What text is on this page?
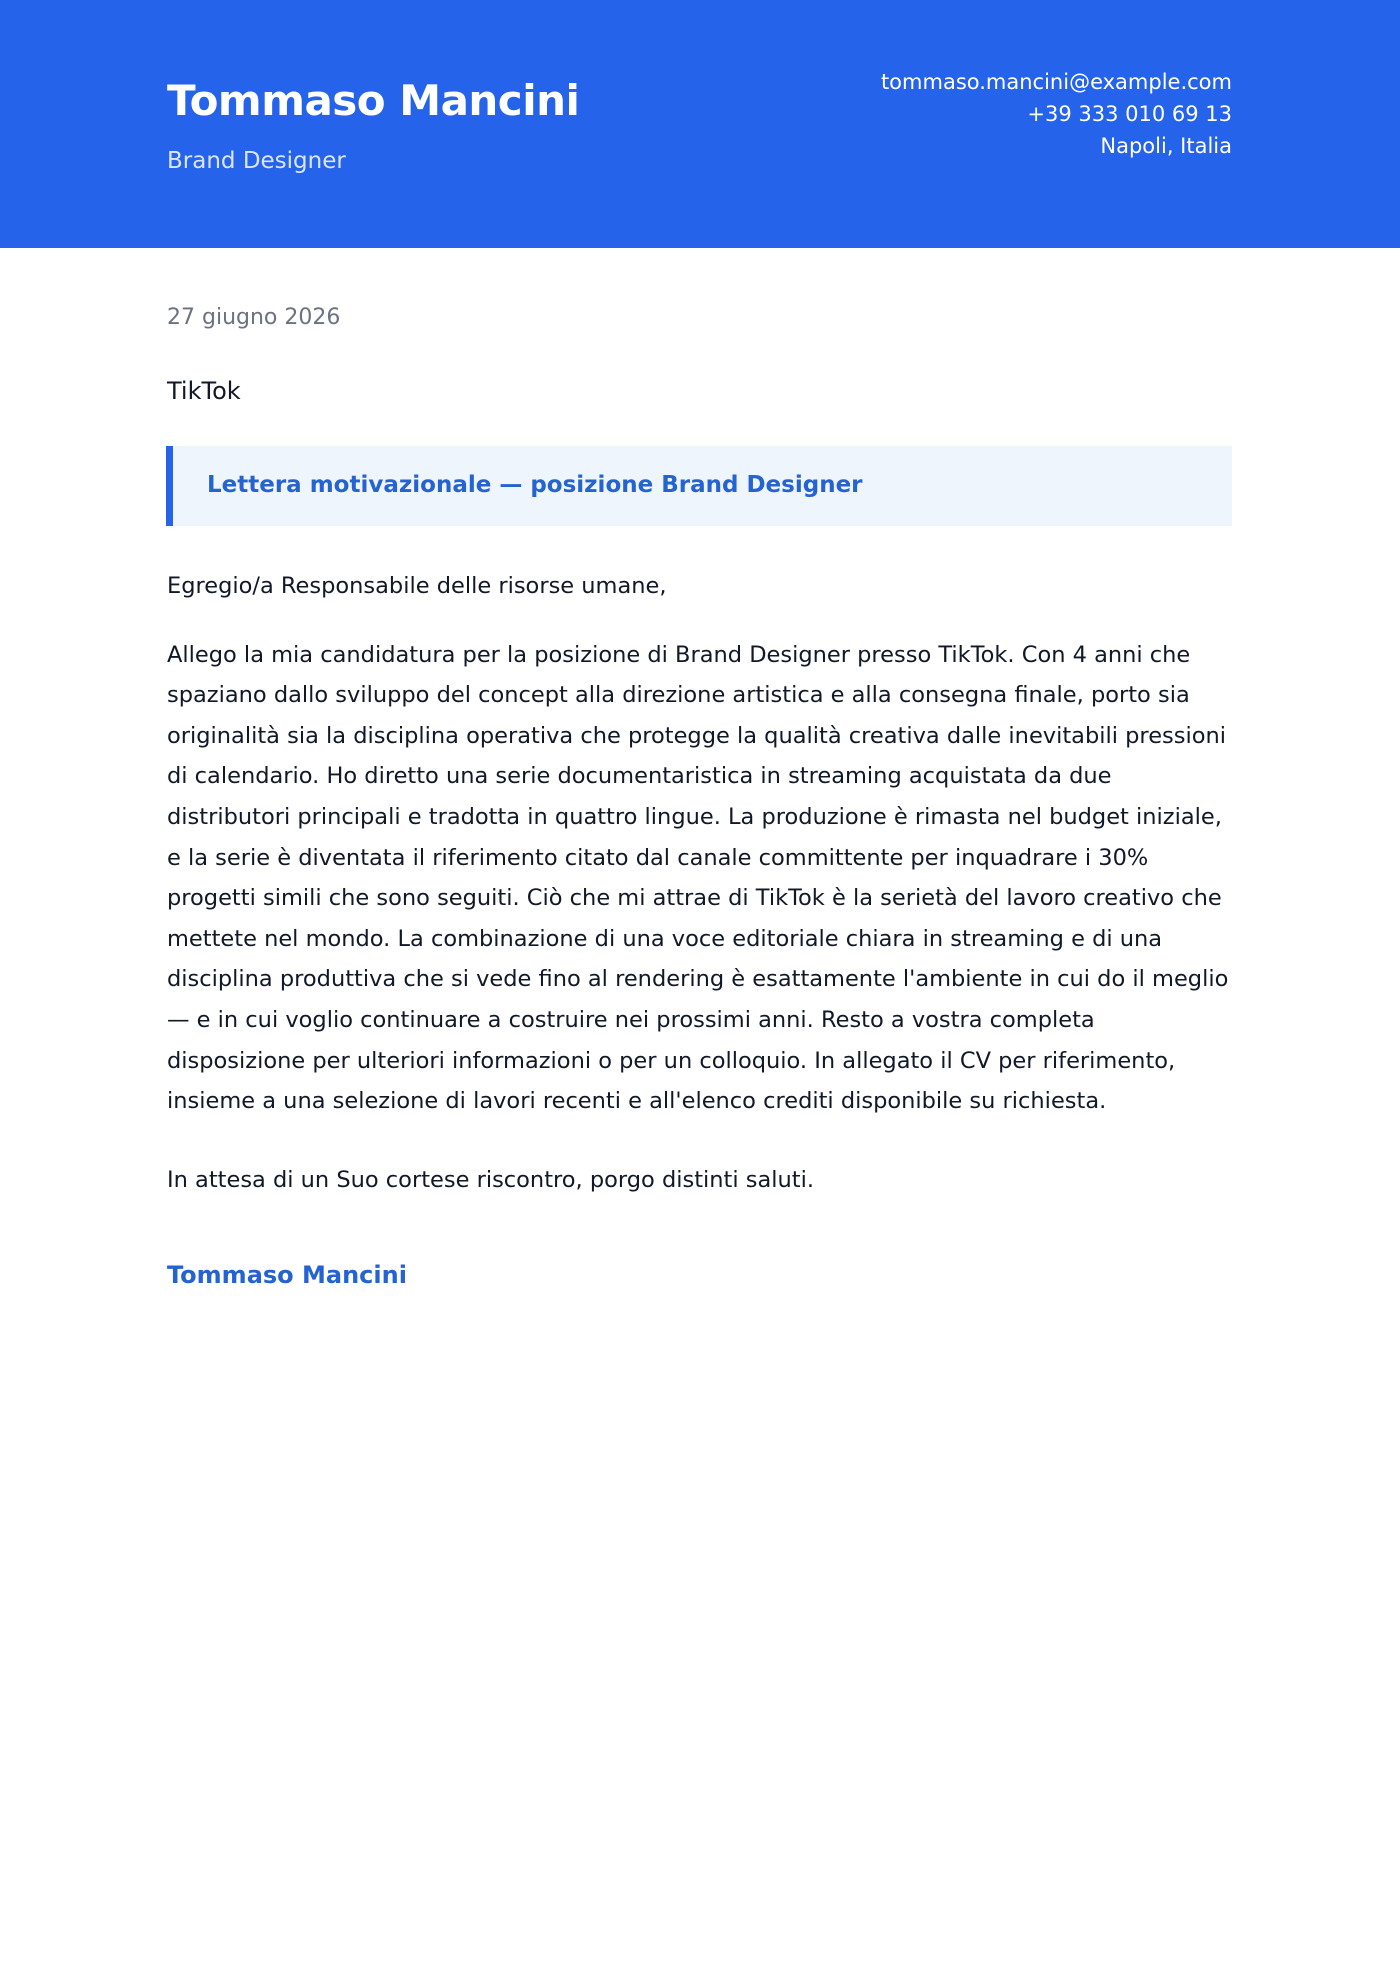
Tommaso Mancini
Brand Designer
tommaso.mancini@example.com
+39 333 010 69 13
Napoli, Italia
27 giugno 2026
TikTok
Lettera motivazionale — posizione Brand Designer

Egregio/a Responsabile delle risorse umane,

Allego la mia candidatura per la posizione di Brand Designer presso TikTok. Con 4 anni che spaziano dallo sviluppo del concept alla direzione artistica e alla consegna finale, porto sia originalità sia la disciplina operativa che protegge la qualità creativa dalle inevitabili pressioni di calendario. Ho diretto una serie documentaristica in streaming acquistata da due distributori principali e tradotta in quattro lingue. La produzione è rimasta nel budget iniziale, e la serie è diventata il riferimento citato dal canale committente per inquadrare i 30% progetti simili che sono seguiti. Ciò che mi attrae di TikTok è la serietà del lavoro creativo che mettete nel mondo. La combinazione di una voce editoriale chiara in streaming e di una disciplina produttiva che si vede fino al rendering è esattamente l'ambiente in cui do il meglio — e in cui voglio continuare a costruire nei prossimi anni. Resto a vostra completa disposizione per ulteriori informazioni o per un colloquio. In allegato il CV per riferimento, insieme a una selezione di lavori recenti e all'elenco crediti disponibile su richiesta.

In attesa di un Suo cortese riscontro, porgo distinti saluti.

Tommaso Mancini
